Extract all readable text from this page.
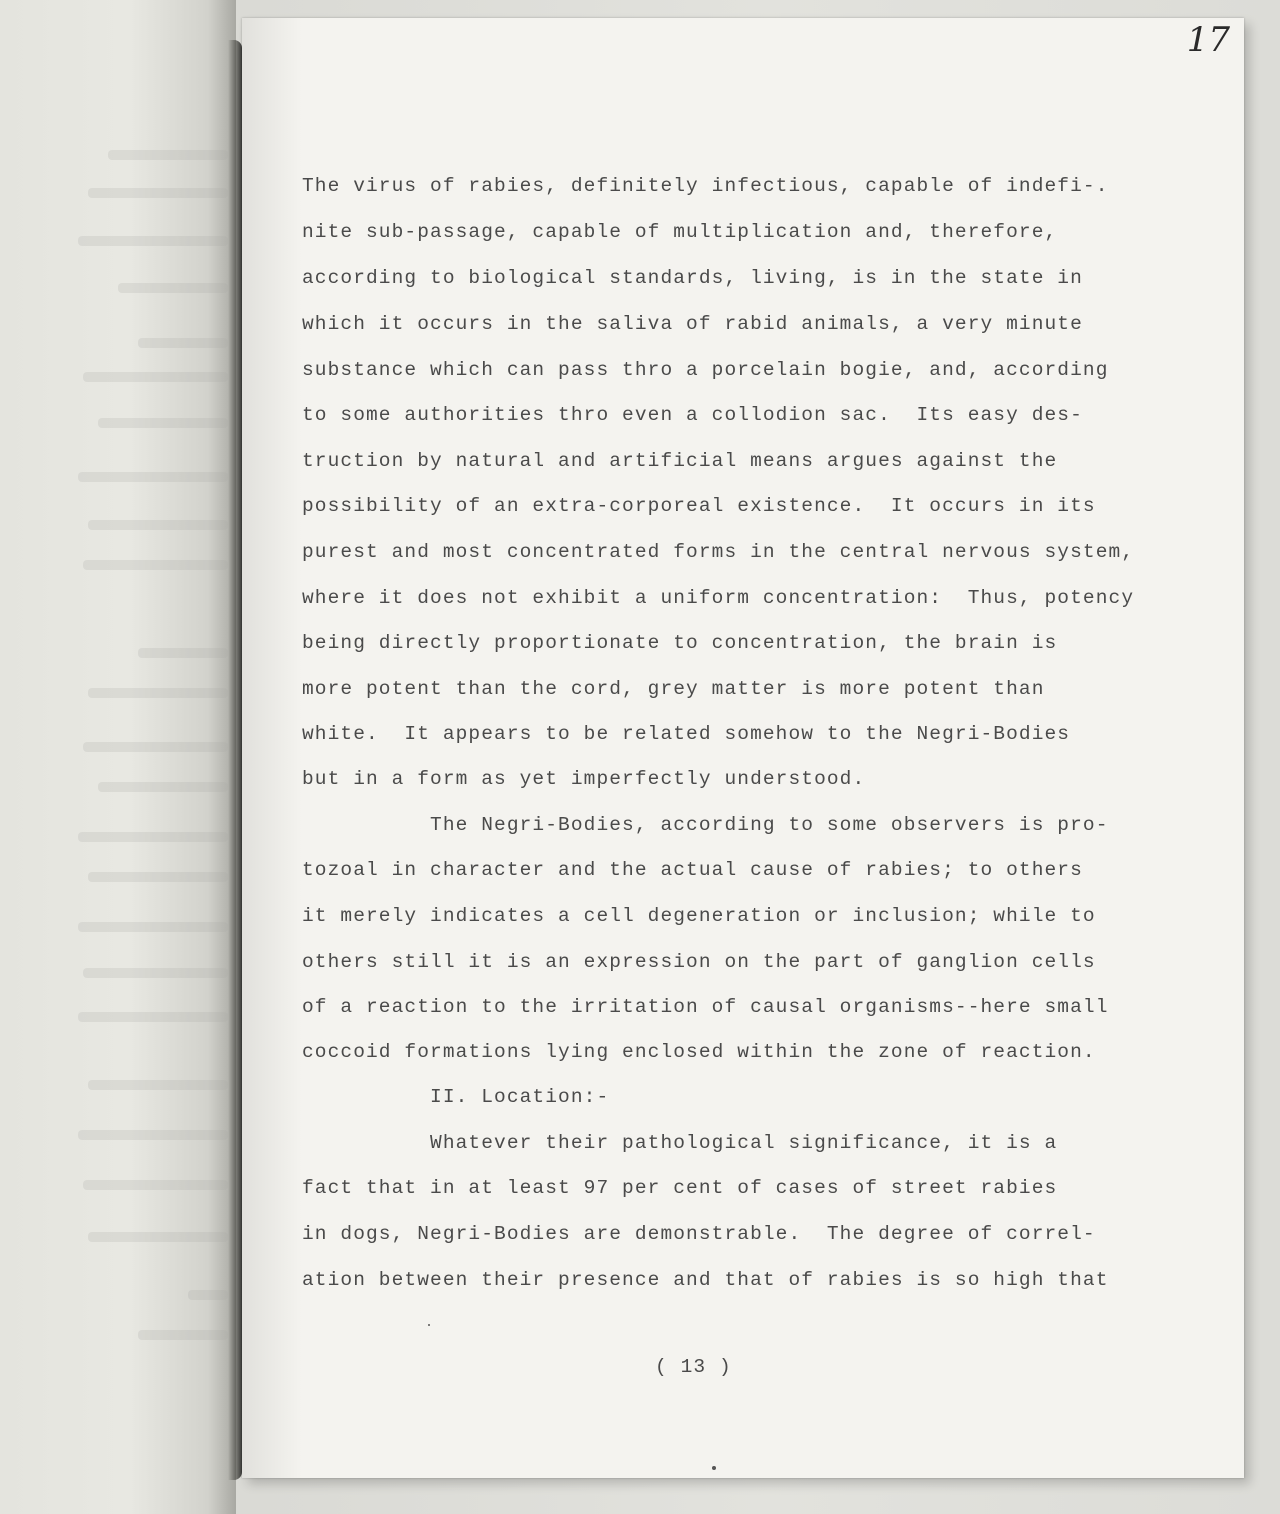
17
The virus of rabies, definitely infectious, capable of indefi-.
nite sub-passage, capable of multiplication and, therefore,
according to biological standards, living, is in the state in
which it occurs in the saliva of rabid animals, a very minute
substance which can pass thro a porcelain bogie, and, according
to some authorities thro even a collodion sac.  Its easy des-
truction by natural and artificial means argues against the
possibility of an extra-corporeal existence.  It occurs in its
purest and most concentrated forms in the central nervous system,
where it does not exhibit a uniform concentration:  Thus, potency
being directly proportionate to concentration, the brain is
more potent than the cord, grey matter is more potent than
white.  It appears to be related somehow to the Negri-Bodies
but in a form as yet imperfectly understood.
The Negri-Bodies, according to some observers is pro-
tozoal in character and the actual cause of rabies; to others
it merely indicates a cell degeneration or inclusion; while to
others still it is an expression on the part of ganglion cells
of a reaction to the irritation of causal organisms--here small
coccoid formations lying enclosed within the zone of reaction.
II. Location:-
Whatever their pathological significance, it is a
fact that in at least 97 per cent of cases of street rabies
in dogs, Negri-Bodies are demonstrable.  The degree of correl-
ation between their presence and that of rabies is so high that
( 13 )
